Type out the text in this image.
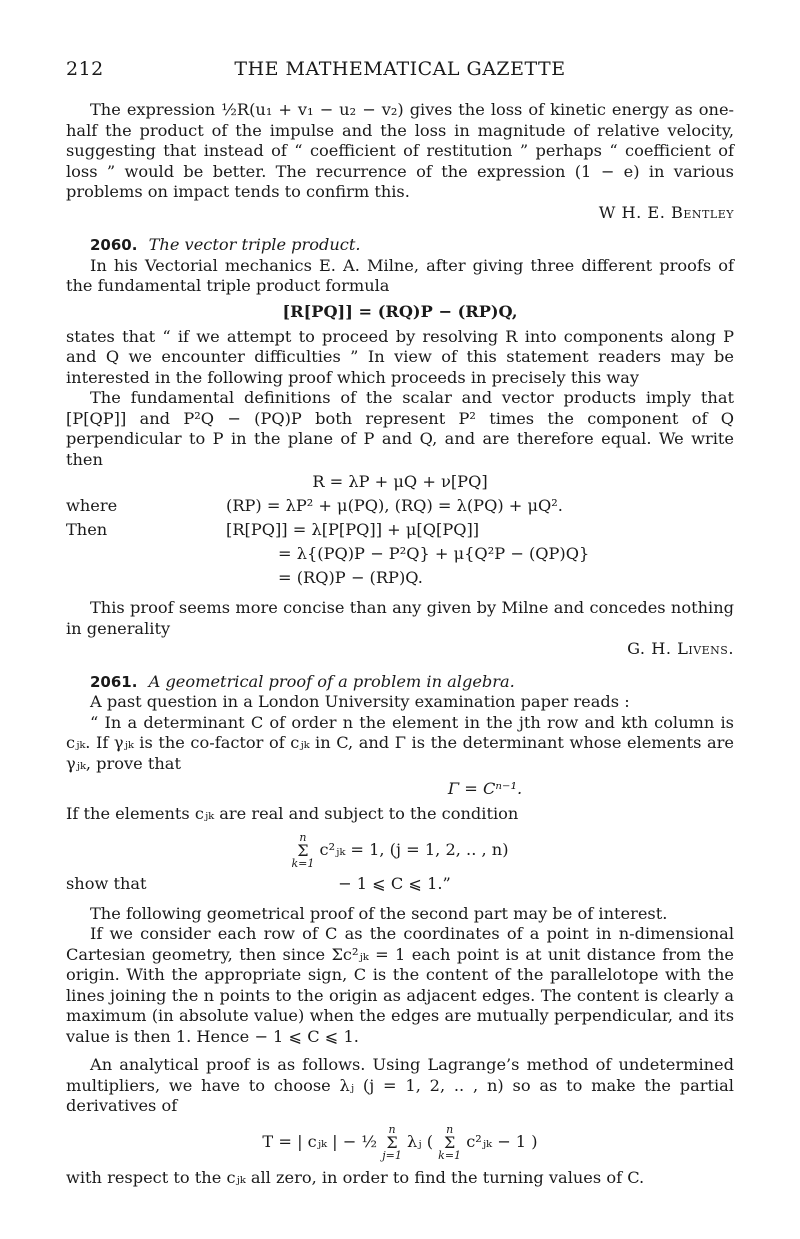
212	THE MATHEMATICAL GAZETTE

The expression ½R(u₁ + v₁ − u₂ − v₂) gives the loss of kinetic energy as one-half the product of the impulse and the loss in magnitude of relative velocity, suggesting that instead of “ coefficient of restitution ” perhaps “ coefficient of loss ” would be better. The recurrence of the expression (1 − e) in various problems on impact tends to confirm this.

W H. E. Bentley

2060. The vector triple product.

In his Vectorial mechanics E. A. Milne, after giving three different proofs of the fundamental triple product formula

[R[PQ]] = (RQ)P − (RP)Q,

states that “ if we attempt to proceed by resolving R into components along P and Q we encounter difficulties ” In view of this statement readers may be interested in the following proof which proceeds in precisely this way

The fundamental definitions of the scalar and vector products imply that [P[QP]] and P²Q − (PQ)P both represent P² times the component of Q perpendicular to P in the plane of P and Q, and are therefore equal. We write then

R = λP + μQ + ν[PQ]
where	(RP) = λP² + μ(PQ), (RQ) = λ(PQ) + μQ².
Then	[R[PQ]] = λ[P[PQ]] + μ[Q[PQ]]
= λ{(PQ)P − P²Q} + μ{Q²P − (QP)Q}
= (RQ)P − (RP)Q.

This proof seems more concise than any given by Milne and concedes nothing in generality

G. H. Livens.

2061. A geometrical proof of a problem in algebra.

A past question in a London University examination paper reads :

“ In a determinant C of order n the element in the jth row and kth column is cⱼₖ. If γⱼₖ is the co-factor of cⱼₖ in C, and Γ is the determinant whose elements are γⱼₖ, prove that

Γ = Cⁿ⁻¹.

If the elements cⱼₖ are real and subject to the condition

n
Σ
k=1
c²ⱼₖ = 1, (j = 1, 2, .. , n)
show that	− 1 ⩽ C ⩽ 1.”

The following geometrical proof of the second part may be of interest.

If we consider each row of C as the coordinates of a point in n-dimensional Cartesian geometry, then since Σc²ⱼₖ = 1 each point is at unit distance from the origin. With the appropriate sign, C is the content of the parallelotope with the lines joining the n points to the origin as adjacent edges. The content is clearly a maximum (in absolute value) when the edges are mutually perpendicular, and its value is then 1. Hence − 1 ⩽ C ⩽ 1.

An analytical proof is as follows. Using Lagrange’s method of undetermined multipliers, we have to choose λⱼ (j = 1, 2, .. , n) so as to make the partial derivatives of

T = | cⱼₖ | − ½
n
Σ
j=1
λⱼ (
n
Σ
k=1
c²ⱼₖ − 1 )

with respect to the cⱼₖ all zero, in order to find the turning values of C.
